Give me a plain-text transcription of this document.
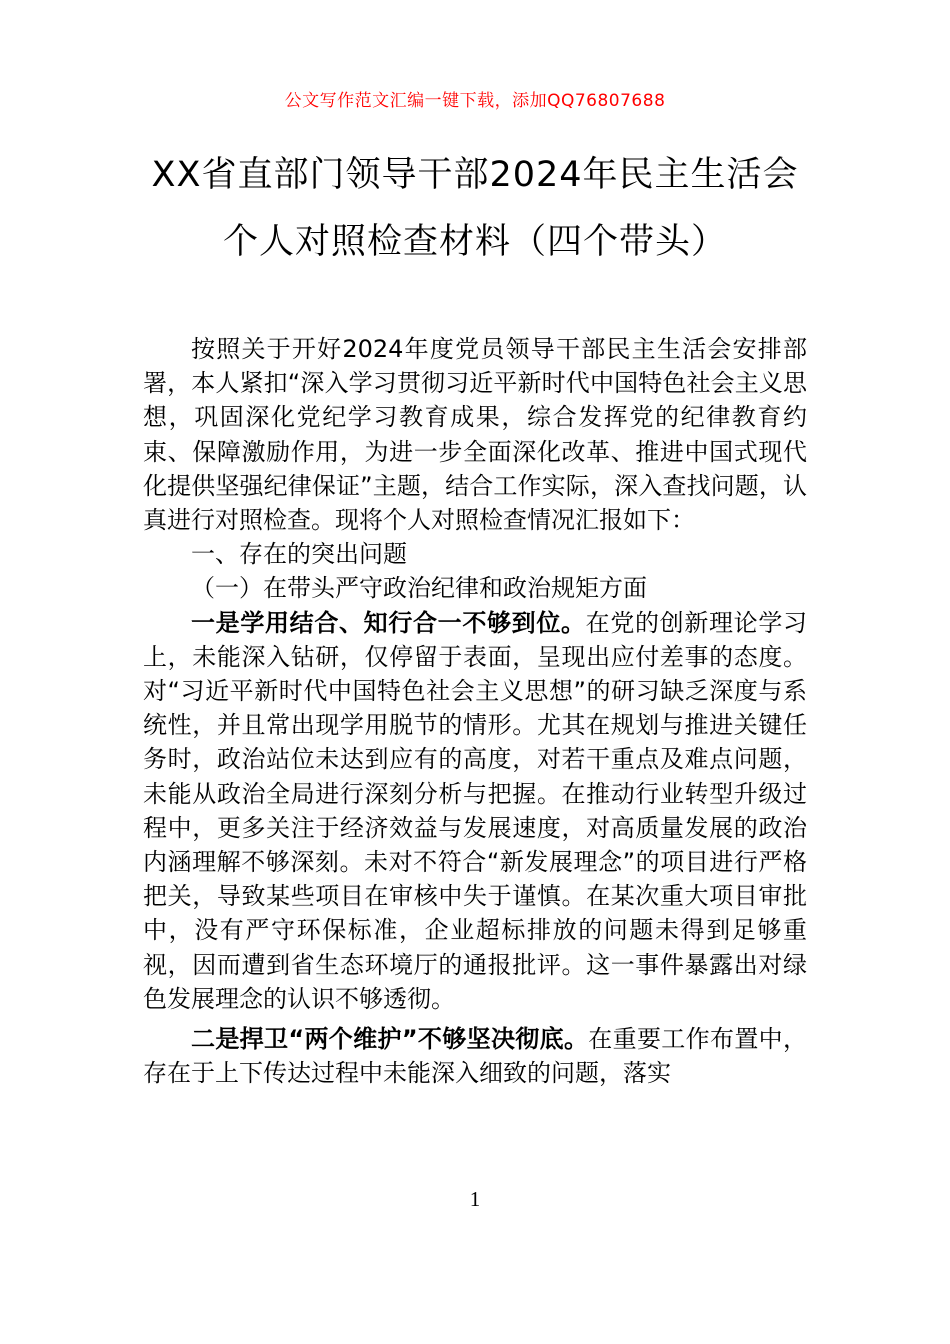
公文写作范文汇编一键下载，添加QQ76807688
XX省直部门领导干部2024年民主生活会
个人对照检查材料（四个带头）

按照关于开好2024年度党员领导干部民主生活会安排部署，本人紧扣“深入学习贯彻习近平新时代中国特色社会主义思想，巩固深化党纪学习教育成果，综合发挥党的纪律教育约束、保障激励作用，为进一步全面深化改革、推进中国式现代化提供坚强纪律保证”主题，结合工作实际，深入查找问题，认真进行对照检查。现将个人对照检查情况汇报如下：

一、存在的突出问题

（一）在带头严守政治纪律和政治规矩方面

一是学用结合、知行合一不够到位。在党的创新理论学习上，未能深入钻研，仅停留于表面，呈现出应付差事的态度。对“习近平新时代中国特色社会主义思想”的研习缺乏深度与系统性，并且常出现学用脱节的情形。尤其在规划与推进关键任务时，政治站位未达到应有的高度，对若干重点及难点问题，未能从政治全局进行深刻分析与把握。在推动行业转型升级过程中，更多关注于经济效益与发展速度，对高质量发展的政治内涵理解不够深刻。未对不符合“新发展理念”的项目进行严格把关，导致某些项目在审核中失于谨慎。在某次重大项目审批中，没有严守环保标准，企业超标排放的问题未得到足够重视，因而遭到省生态环境厅的通报批评。这一事件暴露出对绿色发展理念的认识不够透彻。

二是捍卫“两个维护”不够坚决彻底。在重要工作布置中，存在于上下传达过程中未能深入细致的问题，落实

1
